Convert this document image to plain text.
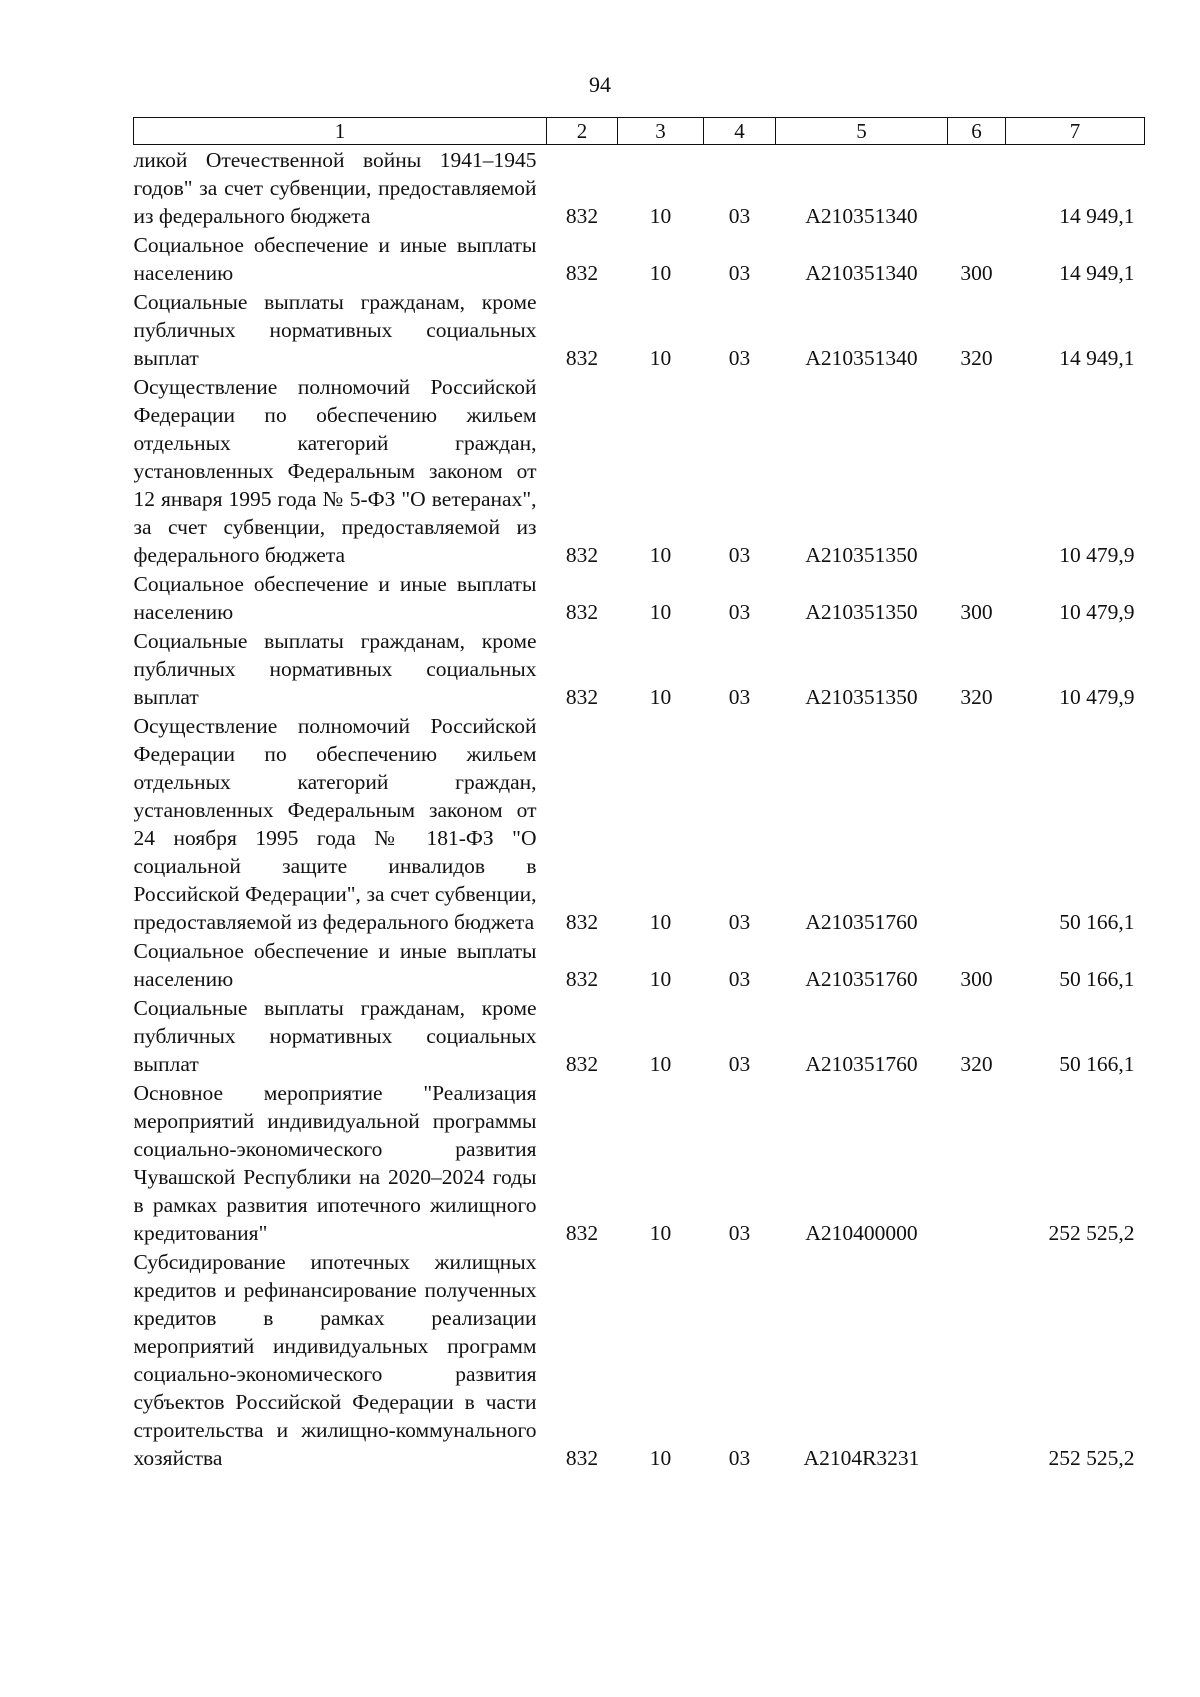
94
1	2	3	4	5	6	7
ликой Отечественной войны 1941–1945 годов" за счет субвенции, предоставляемой из федерального бюджета	832	10	03	A210351340		14 949,1
Социальное обеспечение и иные выплаты населению	832	10	03	A210351340	300	14 949,1
Социальные выплаты гражданам, кроме публичных нормативных социальных выплат	832	10	03	A210351340	320	14 949,1
Осуществление полномочий Российской Федерации по обеспечению жильем отдельных категорий граждан, установленных Федеральным законом от 12 января 1995 года № 5-ФЗ "О ветеранах", за счет субвенции, предоставляемой из федерального бюджета	832	10	03	A210351350		10 479,9
Социальное обеспечение и иные выплаты населению	832	10	03	A210351350	300	10 479,9
Социальные выплаты гражданам, кроме публичных нормативных социальных выплат	832	10	03	A210351350	320	10 479,9
Осуществление полномочий Российской Федерации по обеспечению жильем отдельных категорий граждан, установленных Федеральным законом от 24 ноября 1995 года № 181-ФЗ "О социальной защите инвалидов в Российской Федерации", за счет субвенции, предоставляемой из федерального бюджета	832	10	03	A210351760		50 166,1
Социальное обеспечение и иные выплаты населению	832	10	03	A210351760	300	50 166,1
Социальные выплаты гражданам, кроме публичных нормативных социальных выплат	832	10	03	A210351760	320	50 166,1
Основное мероприятие "Реализация мероприятий индивидуальной программы социально-экономического развития Чувашской Республики на 2020–2024 годы в рамках развития ипотечного жилищного кредитования"	832	10	03	A210400000		252 525,2
Субсидирование ипотечных жилищных кредитов и рефинансирование полученных кредитов в рамках реализации мероприятий индивидуальных программ социально-экономического развития субъектов Российской Федерации в части строительства и жилищно-коммунального хозяйства	832	10	03	A2104R3231		252 525,2
